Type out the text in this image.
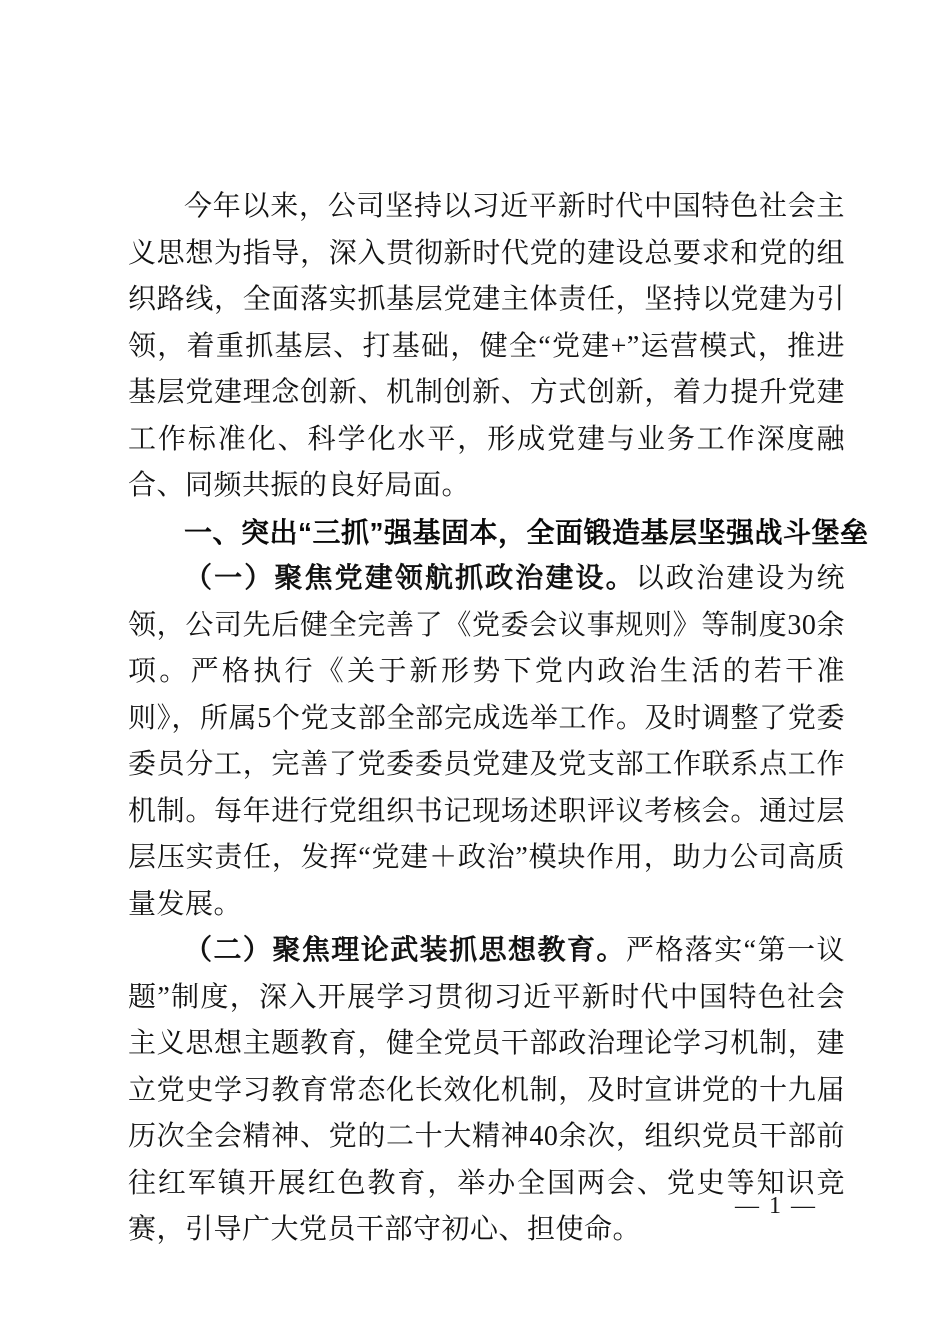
今年以来，公司坚持以习近平新时代中国特色社会主义思想为指导，深入贯彻新时代党的建设总要求和党的组织路线，全面落实抓基层党建主体责任，坚持以党建为引领，着重抓基层、打基础，健全“党建+”运营模式，推进基层党建理念创新、机制创新、方式创新，着力提升党建工作标准化、科学化水平，形成党建与业务工作深度融合、同频共振的良好局面。

一、突出“三抓”强基固本，全面锻造基层坚强战斗堡垒

（一）聚焦党建领航抓政治建设。以政治建设为统领，公司先后健全完善了《党委会议事规则》等制度30余项。严格执行《关于新形势下党内政治生活的若干准则》，所属5个党支部全部完成选举工作。及时调整了党委委员分工，完善了党委委员党建及党支部工作联系点工作机制。每年进行党组织书记现场述职评议考核会。通过层层压实责任，发挥“党建＋政治”模块作用，助力公司高质量发展。

（二）聚焦理论武装抓思想教育。严格落实“第一议题”制度，深入开展学习贯彻习近平新时代中国特色社会主义思想主题教育，健全党员干部政治理论学习机制，建立党史学习教育常态化长效化机制，及时宣讲党的十九届历次全会精神、党的二十大精神40余次，组织党员干部前往红军镇开展红色教育，举办全国两会、党史等知识竞赛，引导广大党员干部守初心、担使命。

— 1 —
